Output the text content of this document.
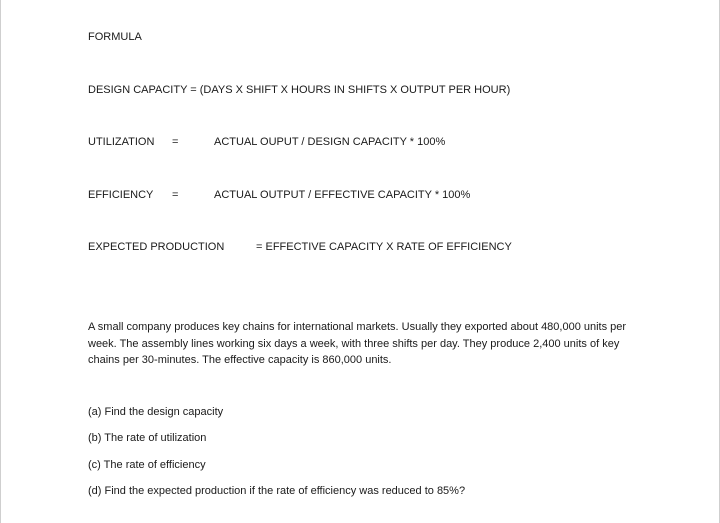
FORMULA
DESIGN CAPACITY = (DAYS X SHIFT X HOURS IN SHIFTS X OUTPUT PER HOUR)
UTILIZATION =	ACTUAL OUPUT / DESIGN CAPACITY * 100%
EFFICIENCY =	ACTUAL OUTPUT / EFFECTIVE CAPACITY * 100%
EXPECTED PRODUCTION	= EFFECTIVE CAPACITY X RATE OF EFFICIENCY
A small company produces key chains for international markets. Usually they exported about 480,000 units per week. The assembly lines working six days a week, with three shifts per day. They produce 2,400 units of key chains per 30-minutes. The effective capacity is 860,000 units.
(a) Find the design capacity
(b) The rate of utilization
(c) The rate of efficiency
(d) Find the expected production if the rate of efficiency was reduced to 85%?
